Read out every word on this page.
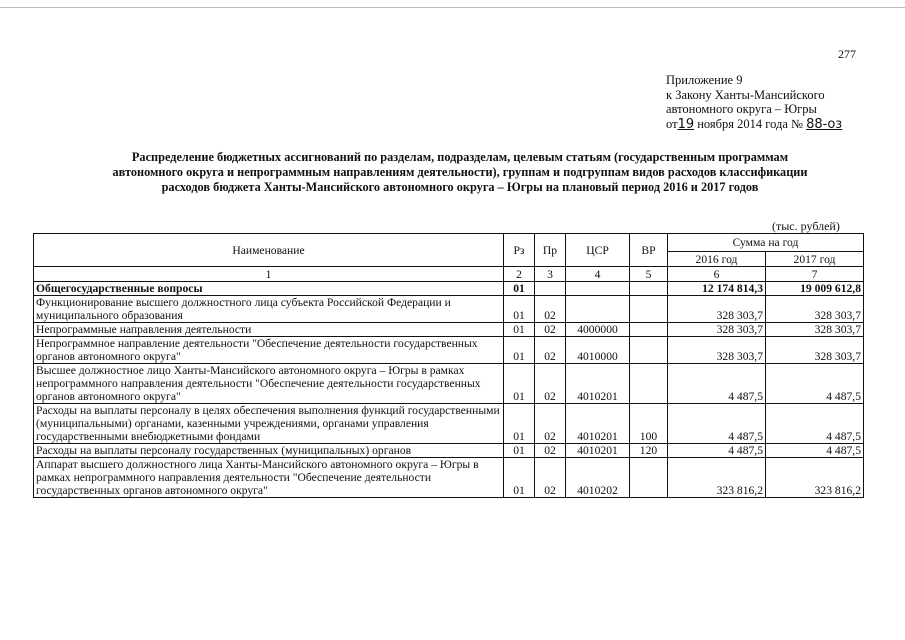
277
Приложение 9
к Закону Ханты-Мансийского
автономного округа – Югры
от19 ноября 2014 года № 88-оз
Распределение бюджетных ассигнований по разделам, подразделам, целевым статьям (государственным программам
автономного округа и непрограммным направлениям деятельности), группам и подгруппам видов расходов классификации
расходов бюджета Ханты-Мансийского автономного округа – Югры на плановый период 2016 и 2017 годов
(тыс. рублей)
Наименование	Рз	Пр	ЦСР	ВР	Сумма на год	
					2016 год	2017 год
1	2	3	4	5	6	7
Общегосударственные вопросы	01				12 174 814,3	19 009 612,8
Функционирование высшего должностного лица субъекта Российской Федерации и муниципального образования	01	02			328 303,7	328 303,7
Непрограммные направления деятельности	01	02	4000000		328 303,7	328 303,7
Непрограммное направление деятельности "Обеспечение деятельности государственных органов автономного округа"	01	02	4010000		328 303,7	328 303,7
Высшее должностное лицо Ханты-Мансийского автономного округа – Югры в рамках непрограммного направления деятельности "Обеспечение деятельности государственных органов автономного округа"	01	02	4010201		4 487,5	4 487,5
Расходы на выплаты персоналу в целях обеспечения выполнения функций государственными (муниципальными) органами, казенными учреждениями, органами управления государственными внебюджетными фондами	01	02	4010201	100	4 487,5	4 487,5
Расходы на выплаты персоналу государственных (муниципальных) органов	01	02	4010201	120	4 487,5	4 487,5
Аппарат высшего должностного лица Ханты-Мансийского автономного округа – Югры в рамках непрограммного направления деятельности "Обеспечение деятельности государственных органов автономного округа"	01	02	4010202		323 816,2	323 816,2
